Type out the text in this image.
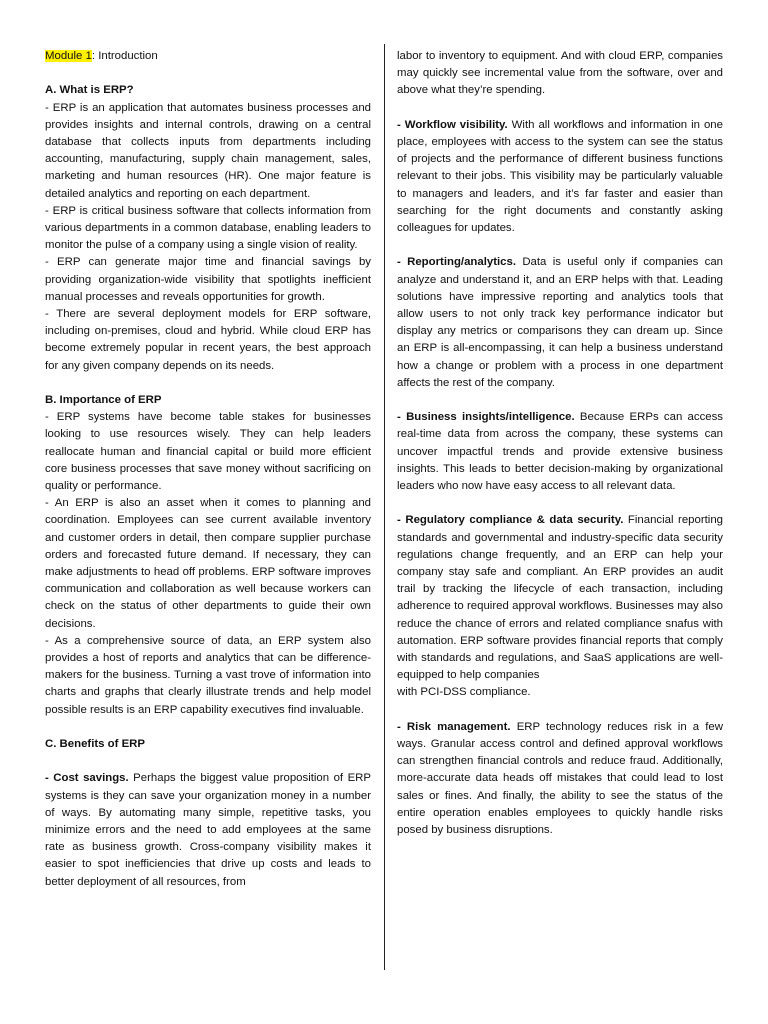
Module 1: Introduction

A. What is ERP?

- ERP is an application that automates business processes and provides insights and internal controls, drawing on a central database that collects inputs from departments including accounting, manufacturing, supply chain management, sales, marketing and human resources (HR). One major feature is detailed analytics and reporting on each department.

- ERP is critical business software that collects information from various departments in a common database, enabling leaders to monitor the pulse of a company using a single vision of reality.

- ERP can generate major time and financial savings by providing organization-wide visibility that spotlights inefficient manual processes and reveals opportunities for growth.

- There are several deployment models for ERP software, including on-premises, cloud and hybrid. While cloud ERP has become extremely popular in recent years, the best approach for any given company depends on its needs.

B. Importance of ERP

- ERP systems have become table stakes for businesses looking to use resources wisely. They can help leaders reallocate human and financial capital or build more efficient core business processes that save money without sacrificing on quality or performance.

- An ERP is also an asset when it comes to planning and coordination. Employees can see current available inventory and customer orders in detail, then compare supplier purchase orders and forecasted future demand. If necessary, they can make adjustments to head off problems. ERP software improves communication and collaboration as well because workers can check on the status of other departments to guide their own decisions.

- As a comprehensive source of data, an ERP system also provides a host of reports and analytics that can be difference-makers for the business. Turning a vast trove of information into charts and graphs that clearly illustrate trends and help model possible results is an ERP capability executives find invaluable.

C. Benefits of ERP

- Cost savings. Perhaps the biggest value proposition of ERP systems is they can save your organization money in a number of ways. By automating many simple, repetitive tasks, you minimize errors and the need to add employees at the same rate as business growth. Cross-company visibility makes it easier to spot inefficiencies that drive up costs and leads to better deployment of all resources, from

labor to inventory to equipment. And with cloud ERP, companies may quickly see incremental value from the software, over and above what they’re spending.

- Workflow visibility. With all workflows and information in one place, employees with access to the system can see the status of projects and the performance of different business functions relevant to their jobs. This visibility may be particularly valuable to managers and leaders, and it’s far faster and easier than searching for the right documents and constantly asking colleagues for updates.

- Reporting/analytics. Data is useful only if companies can analyze and understand it, and an ERP helps with that. Leading solutions have impressive reporting and analytics tools that allow users to not only track key performance indicator but display any metrics or comparisons they can dream up. Since an ERP is all-encompassing, it can help a business understand how a change or problem with a process in one department affects the rest of the company.

- Business insights/intelligence. Because ERPs can access real-time data from across the company, these systems can uncover impactful trends and provide extensive business insights. This leads to better decision-making by organizational leaders who now have easy access to all relevant data.

- Regulatory compliance & data security. Financial reporting standards and governmental and industry-specific data security regulations change frequently, and an ERP can help your company stay safe and compliant. An ERP provides an audit trail by tracking the lifecycle of each transaction, including adherence to required approval workflows. Businesses may also reduce the chance of errors and related compliance snafus with automation. ERP software provides financial reports that comply with standards and regulations, and SaaS applications are well-equipped to help companies

with PCI-DSS compliance.

- Risk management. ERP technology reduces risk in a few ways. Granular access control and defined approval workflows can strengthen financial controls and reduce fraud. Additionally, more-accurate data heads off mistakes that could lead to lost sales or fines. And finally, the ability to see the status of the entire operation enables employees to quickly handle risks posed by business disruptions.
